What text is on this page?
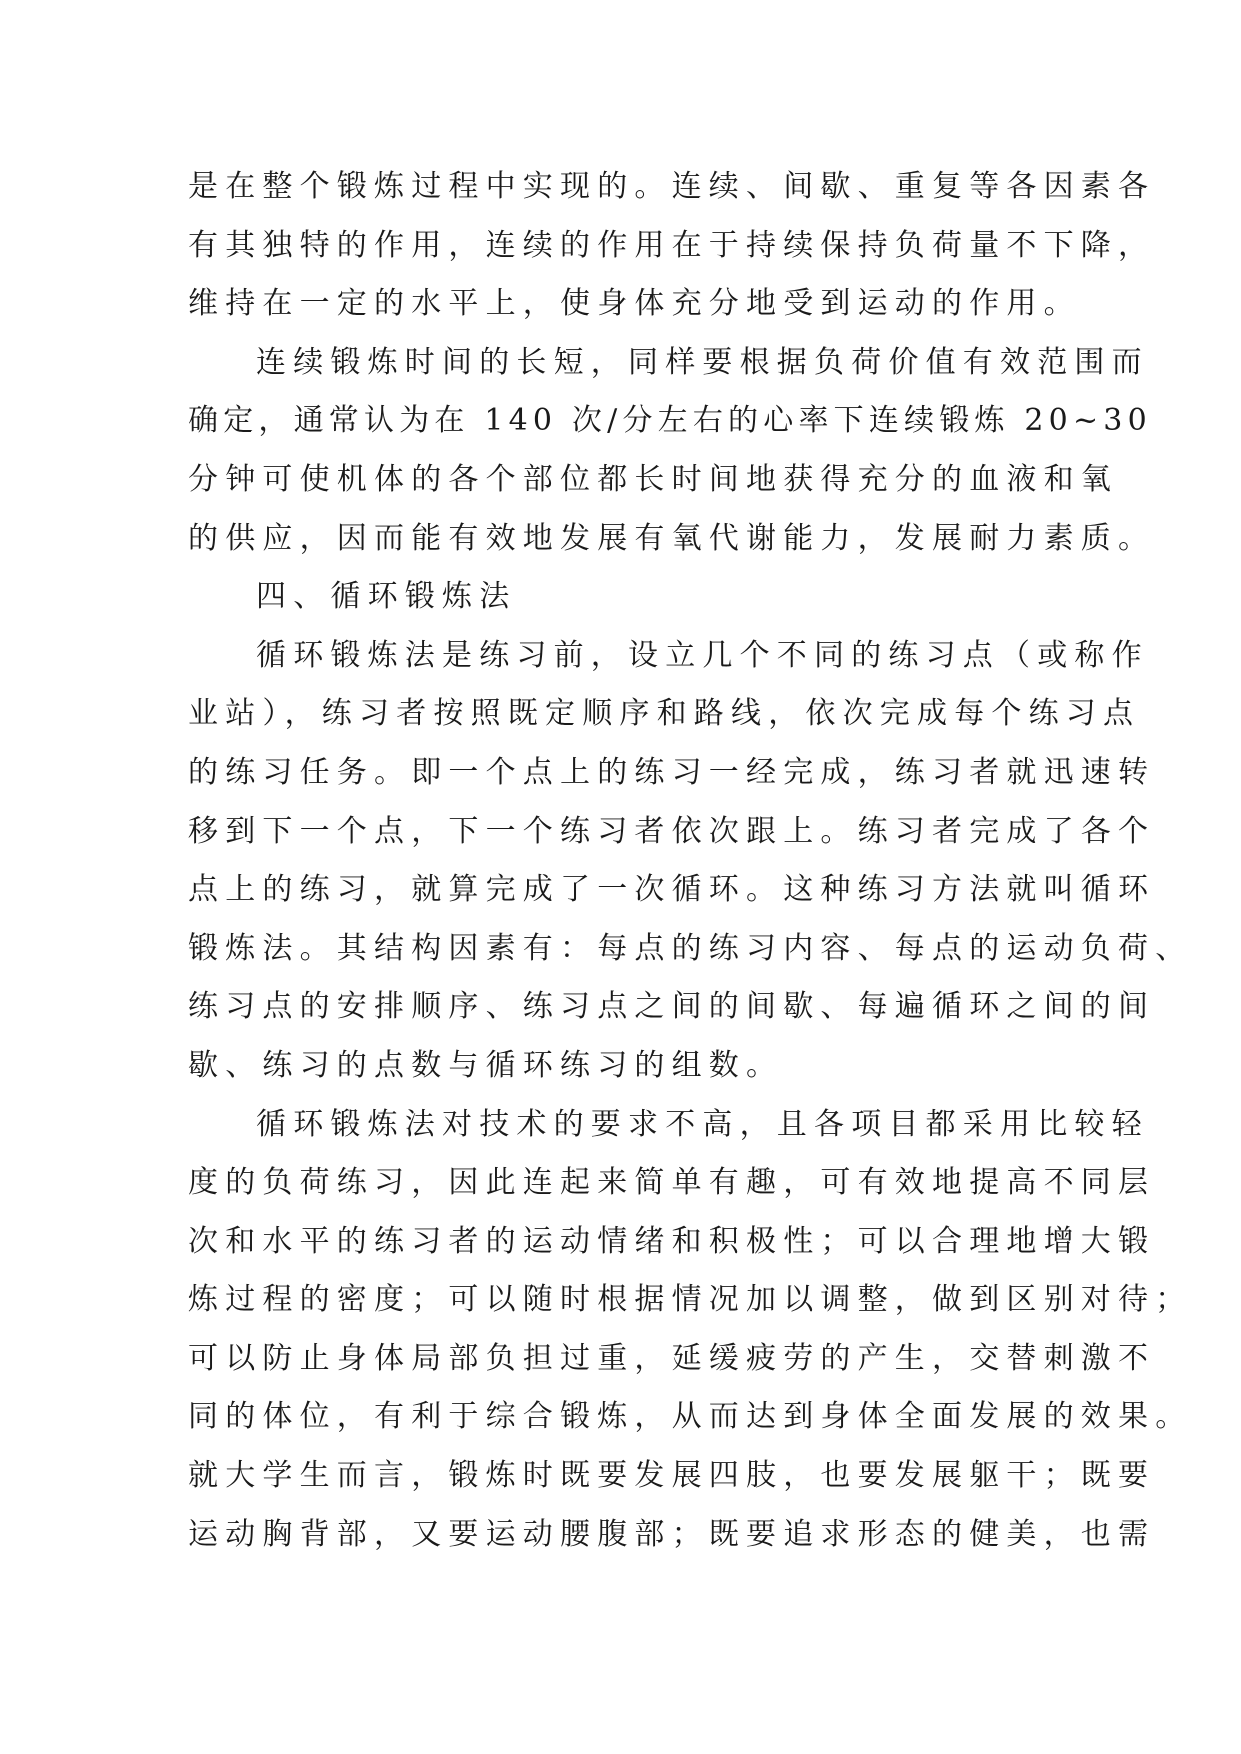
是在整个锻炼过程中实现的。连续、间歇、重复等各因素各
有其独特的作用，连续的作用在于持续保持负荷量不下降，
维持在一定的水平上，使身体充分地受到运动的作用。
连续锻炼时间的长短，同样要根据负荷价值有效范围而
确定，通常认为在 140 次/分左右的心率下连续锻炼 20~30
分钟可使机体的各个部位都长时间地获得充分的血液和氧
的供应，因而能有效地发展有氧代谢能力，发展耐力素质。
四、循环锻炼法
循环锻炼法是练习前，设立几个不同的练习点（或称作
业站），练习者按照既定顺序和路线，依次完成每个练习点
的练习任务。即一个点上的练习一经完成，练习者就迅速转
移到下一个点，下一个练习者依次跟上。练习者完成了各个
点上的练习，就算完成了一次循环。这种练习方法就叫循环
锻炼法。其结构因素有：每点的练习内容、每点的运动负荷、
练习点的安排顺序、练习点之间的间歇、每遍循环之间的间
歇、练习的点数与循环练习的组数。
循环锻炼法对技术的要求不高，且各项目都采用比较轻
度的负荷练习，因此连起来简单有趣，可有效地提高不同层
次和水平的练习者的运动情绪和积极性；可以合理地增大锻
炼过程的密度；可以随时根据情况加以调整，做到区别对待；
可以防止身体局部负担过重，延缓疲劳的产生，交替刺激不
同的体位，有利于综合锻炼，从而达到身体全面发展的效果。
就大学生而言，锻炼时既要发展四肢，也要发展躯干；既要
运动胸背部，又要运动腰腹部；既要追求形态的健美，也需
